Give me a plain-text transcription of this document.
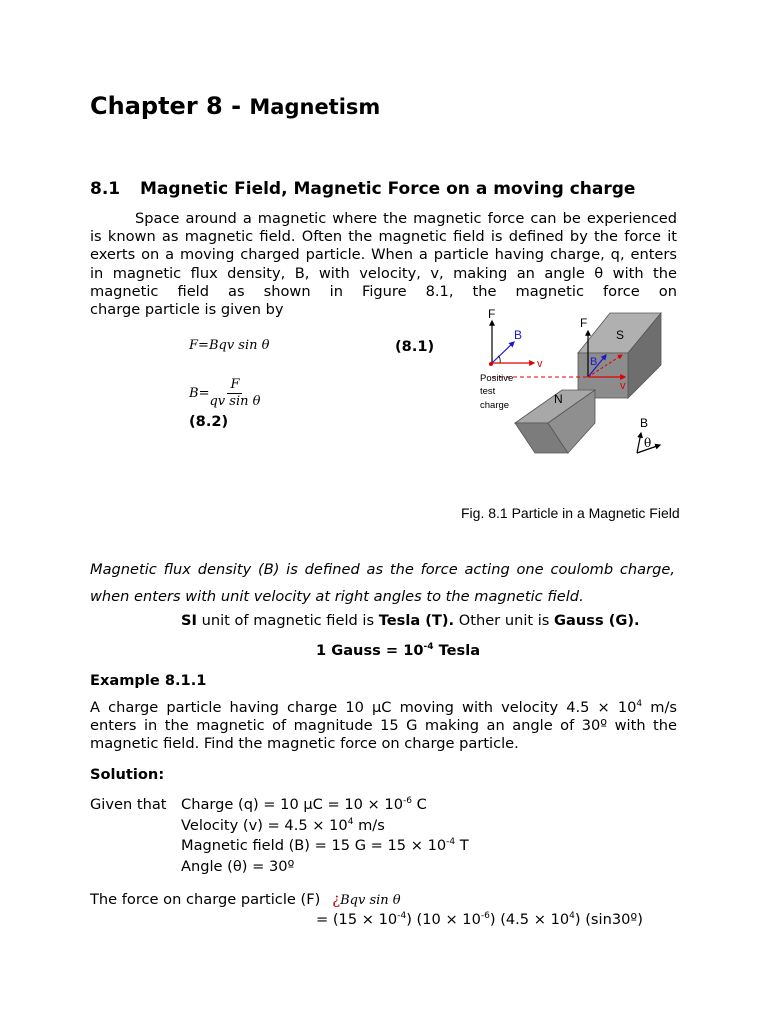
Chapter 8 - Magnetism
8.1 Magnetic Field, Magnetic Force on a moving charge
Space around a magnetic where the magnetic force can be experienced is known as magnetic field. Often the magnetic field is defined by the force it exerts on a moving charged particle. When a particle having charge, q, enters in magnetic flux density, B, with velocity, v, making an angle θ with the magnetic field as shown in Figure 8.1, the magnetic force on
charge particle is given by
F=Bqv sin θ	(8.1)
$B= \frac{F}{\text{qv sin θ}}$
(8.2)
F
B
v
Positive
test
charge
F
S
B
v
N
B
θ
Fig. 8.1 Particle in a Magnetic Field
Magnetic flux density (B) is defined as the force acting one coulomb charge, when enters with unit velocity at right angles to the magnetic field.
SI unit of magnetic field is Tesla (T). Other unit is Gauss (G).
1 Gauss = $10^{-4}$ Tesla
Example 8.1.1
A charge particle having charge 10 µC moving with velocity $4.5 \times 10^4$ m/s enters in the magnetic of magnitude 15 G making an angle of 30º with the magnetic field. Find the magnetic force on charge particle.
Solution:
Given that Charge (q) = 10 $\mu C = 10 \times 10^{-6}$ C
Velocity $(v) = 4.5 \times 10^4$ m/s
Magnetic field (B) = 15 $G = 15 \times 10^{-4}$ T
Angle (θ) = 30º
The force on charge particle (F) ¿Bqv sin θ
= $(15 \times 10^{-4})$ $(10 \times 10^{-6})$ $(4.5 \times 10^4)$ (sin30º)
